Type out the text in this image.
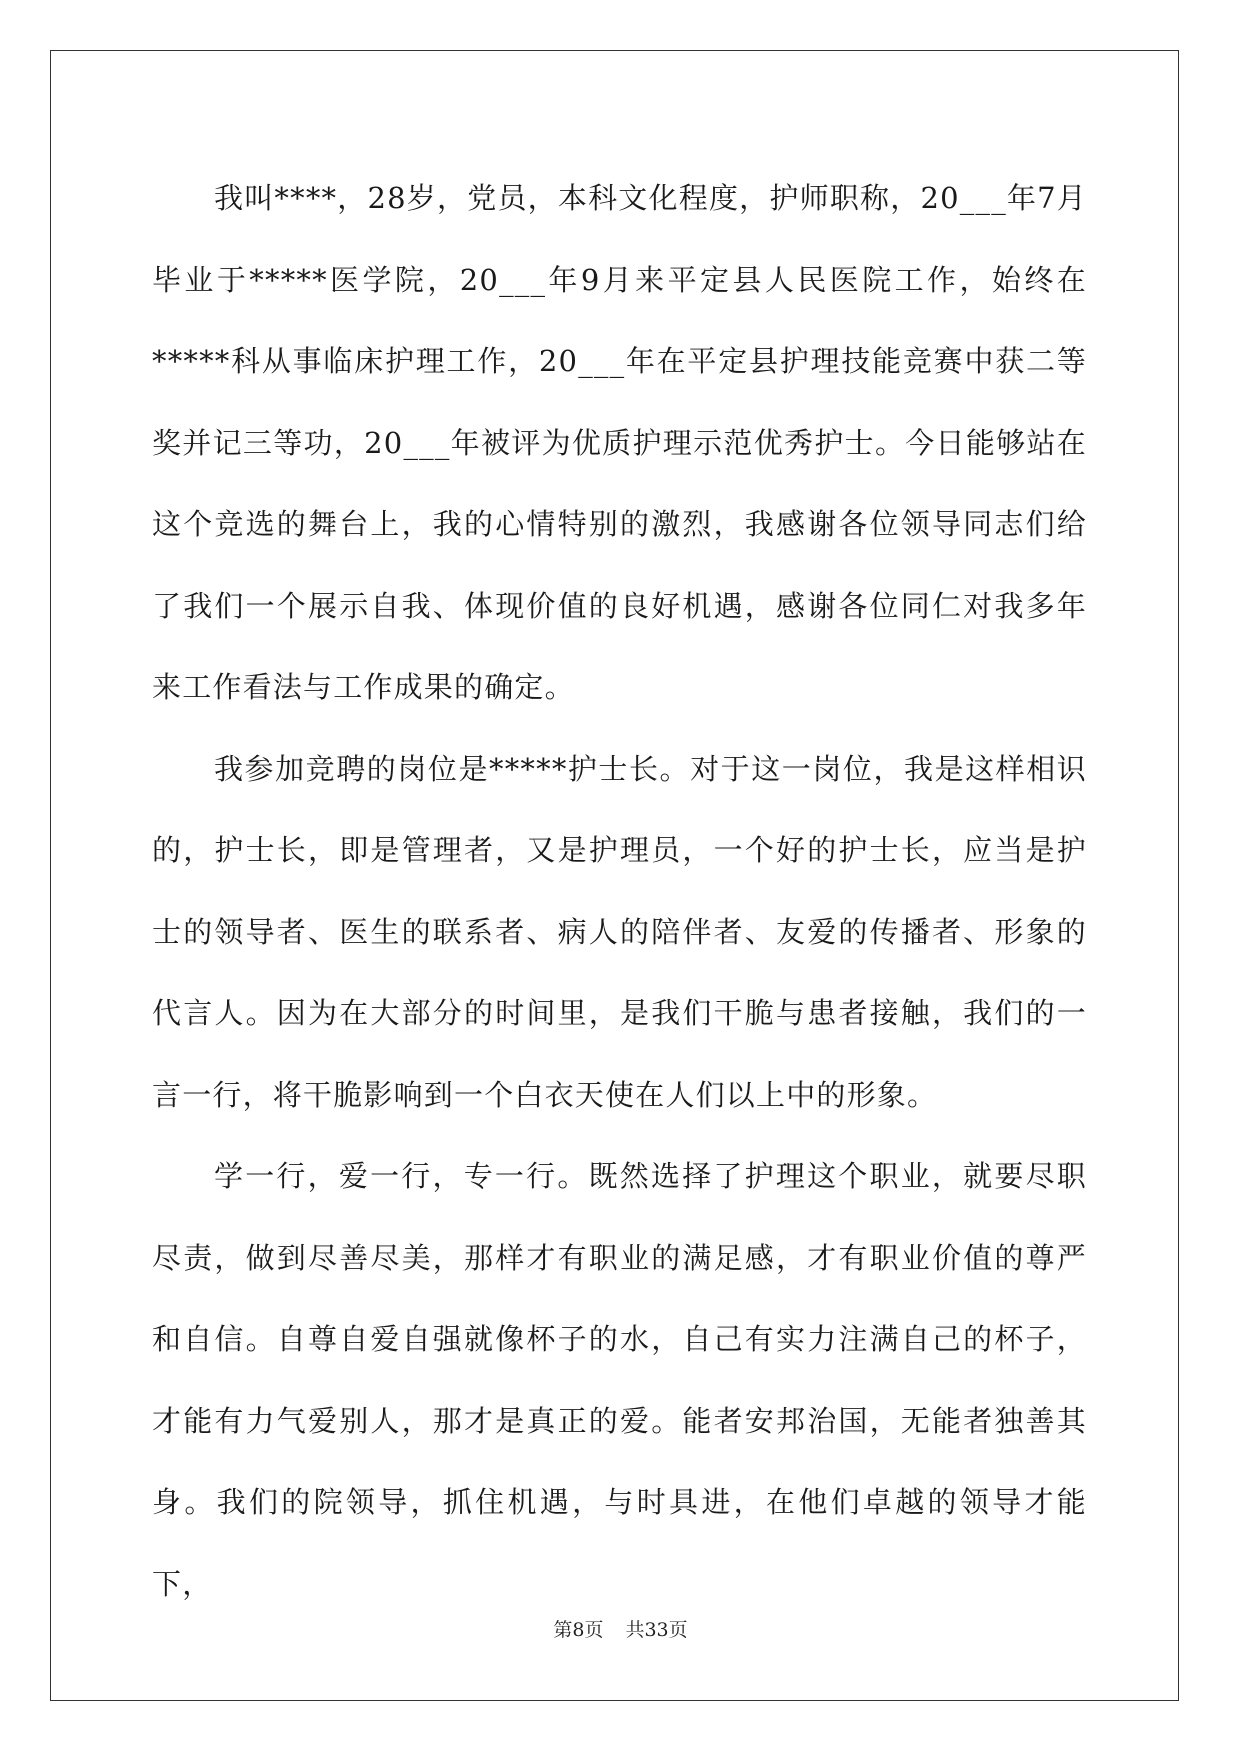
我叫****，28岁，党员，本科文化程度，护师职称，20___年7月毕业于*****医学院，20___年9月来平定县人民医院工作，始终在*****科从事临床护理工作，20___年在平定县护理技能竞赛中获二等奖并记三等功，20___年被评为优质护理示范优秀护士。今日能够站在这个竞选的舞台上，我的心情特别的激烈，我感谢各位领导同志们给了我们一个展示自我、体现价值的良好机遇，感谢各位同仁对我多年来工作看法与工作成果的确定。

我参加竞聘的岗位是*****护士长。对于这一岗位，我是这样相识的，护士长，即是管理者，又是护理员，一个好的护士长，应当是护士的领导者、医生的联系者、病人的陪伴者、友爱的传播者、形象的代言人。因为在大部分的时间里，是我们干脆与患者接触，我们的一言一行，将干脆影响到一个白衣天使在人们以上中的形象。

学一行，爱一行，专一行。既然选择了护理这个职业，就要尽职尽责，做到尽善尽美，那样才有职业的满足感，才有职业价值的尊严和自信。自尊自爱自强就像杯子的水，自己有实力注满自己的杯子，才能有力气爱别人，那才是真正的爱。能者安邦治国，无能者独善其身。我们的院领导，抓住机遇，与时具进，在他们卓越的领导才能下，

第8页 共33页
